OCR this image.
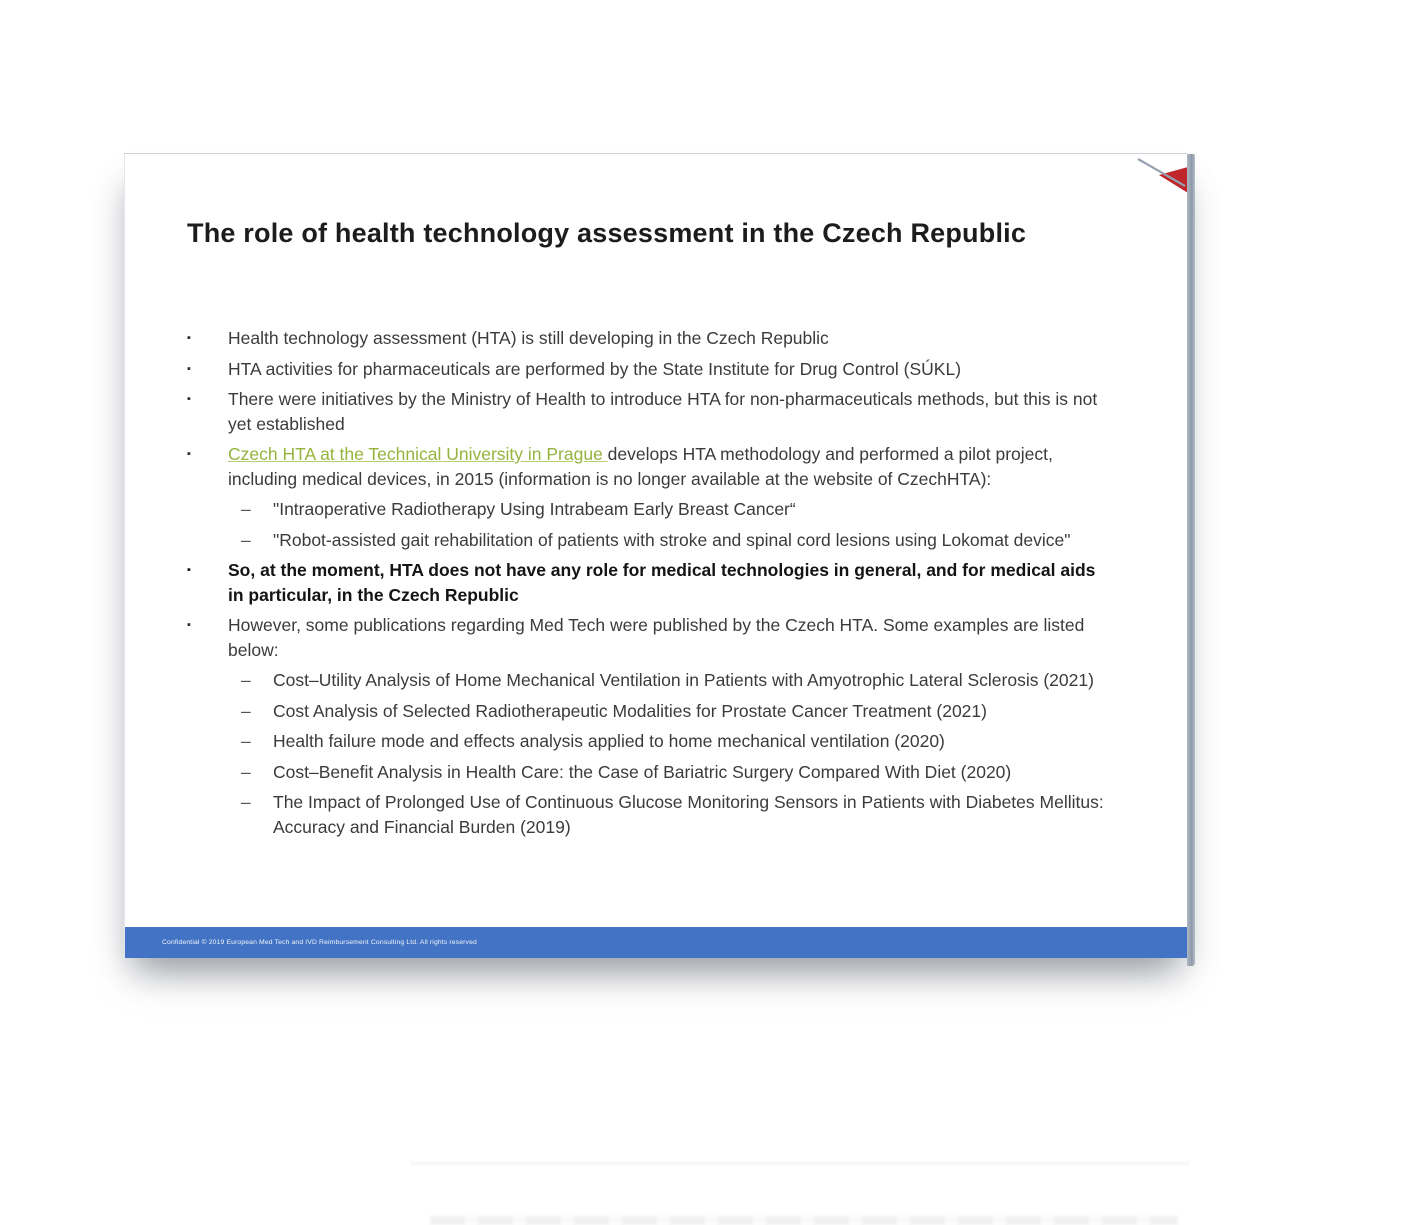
The role of health technology assessment in the Czech Republic
▪	Health technology assessment (HTA) is still developing in the Czech Republic
▪	HTA activities for pharmaceuticals are performed by the State Institute for Drug Control (SÚKL)
▪	There were initiatives by the Ministry of Health to introduce HTA for non-pharmaceuticals methods, but this is not yet established
▪	Czech HTA at the Technical University in Prague develops HTA methodology and performed a pilot project, including medical devices, in 2015 (information is no longer available at the website of CzechHTA):
–	"Intraoperative Radiotherapy Using Intrabeam Early Breast Cancer“
–	"Robot-assisted gait rehabilitation of patients with stroke and spinal cord lesions using Lokomat device"
▪	So, at the moment, HTA does not have any role for medical technologies in general, and for medical aids in particular, in the Czech Republic
▪	However, some publications regarding Med Tech were published by the Czech HTA. Some examples are listed below:
–	Cost–Utility Analysis of Home Mechanical Ventilation in Patients with Amyotrophic Lateral Sclerosis (2021)
–	Cost Analysis of Selected Radiotherapeutic Modalities for Prostate Cancer Treatment (2021)
–	Health failure mode and effects analysis applied to home mechanical ventilation (2020)
–	Cost–Benefit Analysis in Health Care: the Case of Bariatric Surgery Compared With Diet (2020)
–	The Impact of Prolonged Use of Continuous Glucose Monitoring Sensors in Patients with Diabetes Mellitus: Accuracy and Financial Burden (2019)
Confidential © 2019 European Med Tech and IVD Reimbursement Consulting Ltd. All rights reserved
